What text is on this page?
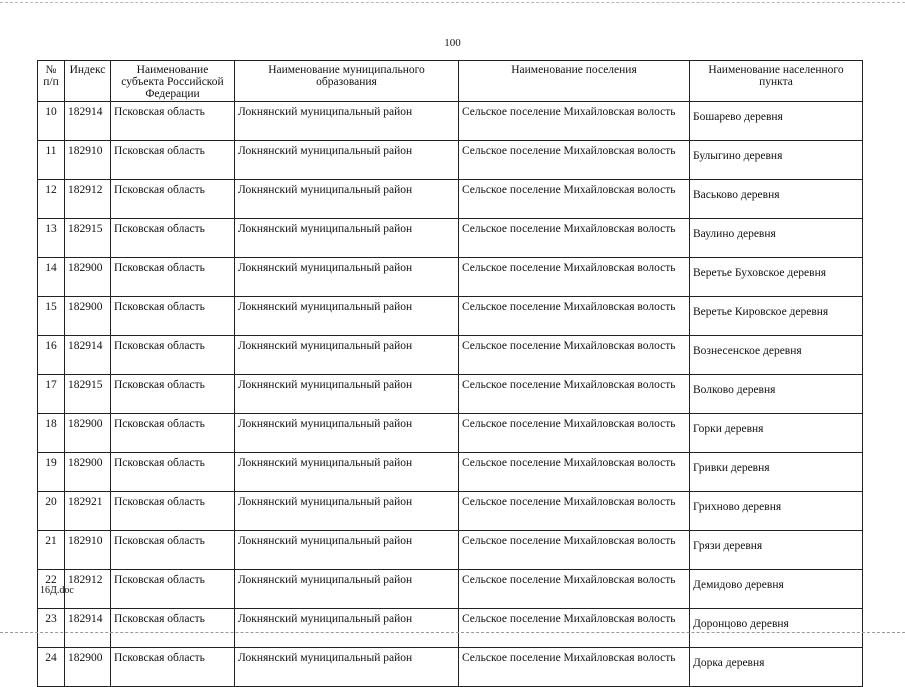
100
№ п/п	Индекс	Наименование субъекта Российской Федерации	Наименование муниципального образования	Наименование поселения	Наименование населенного пункта
10	182914	Псковская область	Локнянский муниципальный район	Сельское поселение Михайловская волость	Бошарево деревня
11	182910	Псковская область	Локнянский муниципальный район	Сельское поселение Михайловская волость	Булыгино деревня
12	182912	Псковская область	Локнянский муниципальный район	Сельское поселение Михайловская волость	Васьково деревня
13	182915	Псковская область	Локнянский муниципальный район	Сельское поселение Михайловская волость	Ваулино деревня
14	182900	Псковская область	Локнянский муниципальный район	Сельское поселение Михайловская волость	Веретье Буховское деревня
15	182900	Псковская область	Локнянский муниципальный район	Сельское поселение Михайловская волость	Веретье Кировское деревня
16	182914	Псковская область	Локнянский муниципальный район	Сельское поселение Михайловская волость	Вознесенское деревня
17	182915	Псковская область	Локнянский муниципальный район	Сельское поселение Михайловская волость	Волково деревня
18	182900	Псковская область	Локнянский муниципальный район	Сельское поселение Михайловская волость	Горки деревня
19	182900	Псковская область	Локнянский муниципальный район	Сельское поселение Михайловская волость	Гривки деревня
20	182921	Псковская область	Локнянский муниципальный район	Сельское поселение Михайловская волость	Грихново деревня
21	182910	Псковская область	Локнянский муниципальный район	Сельское поселение Михайловская волость	Грязи деревня
22	182912	Псковская область	Локнянский муниципальный район	Сельское поселение Михайловская волость	Демидово деревня
23	182914	Псковская область	Локнянский муниципальный район	Сельское поселение Михайловская волость	Доронцово деревня
24	182900	Псковская область	Локнянский муниципальный район	Сельское поселение Михайловская волость	Дорка деревня
16Д.doc
